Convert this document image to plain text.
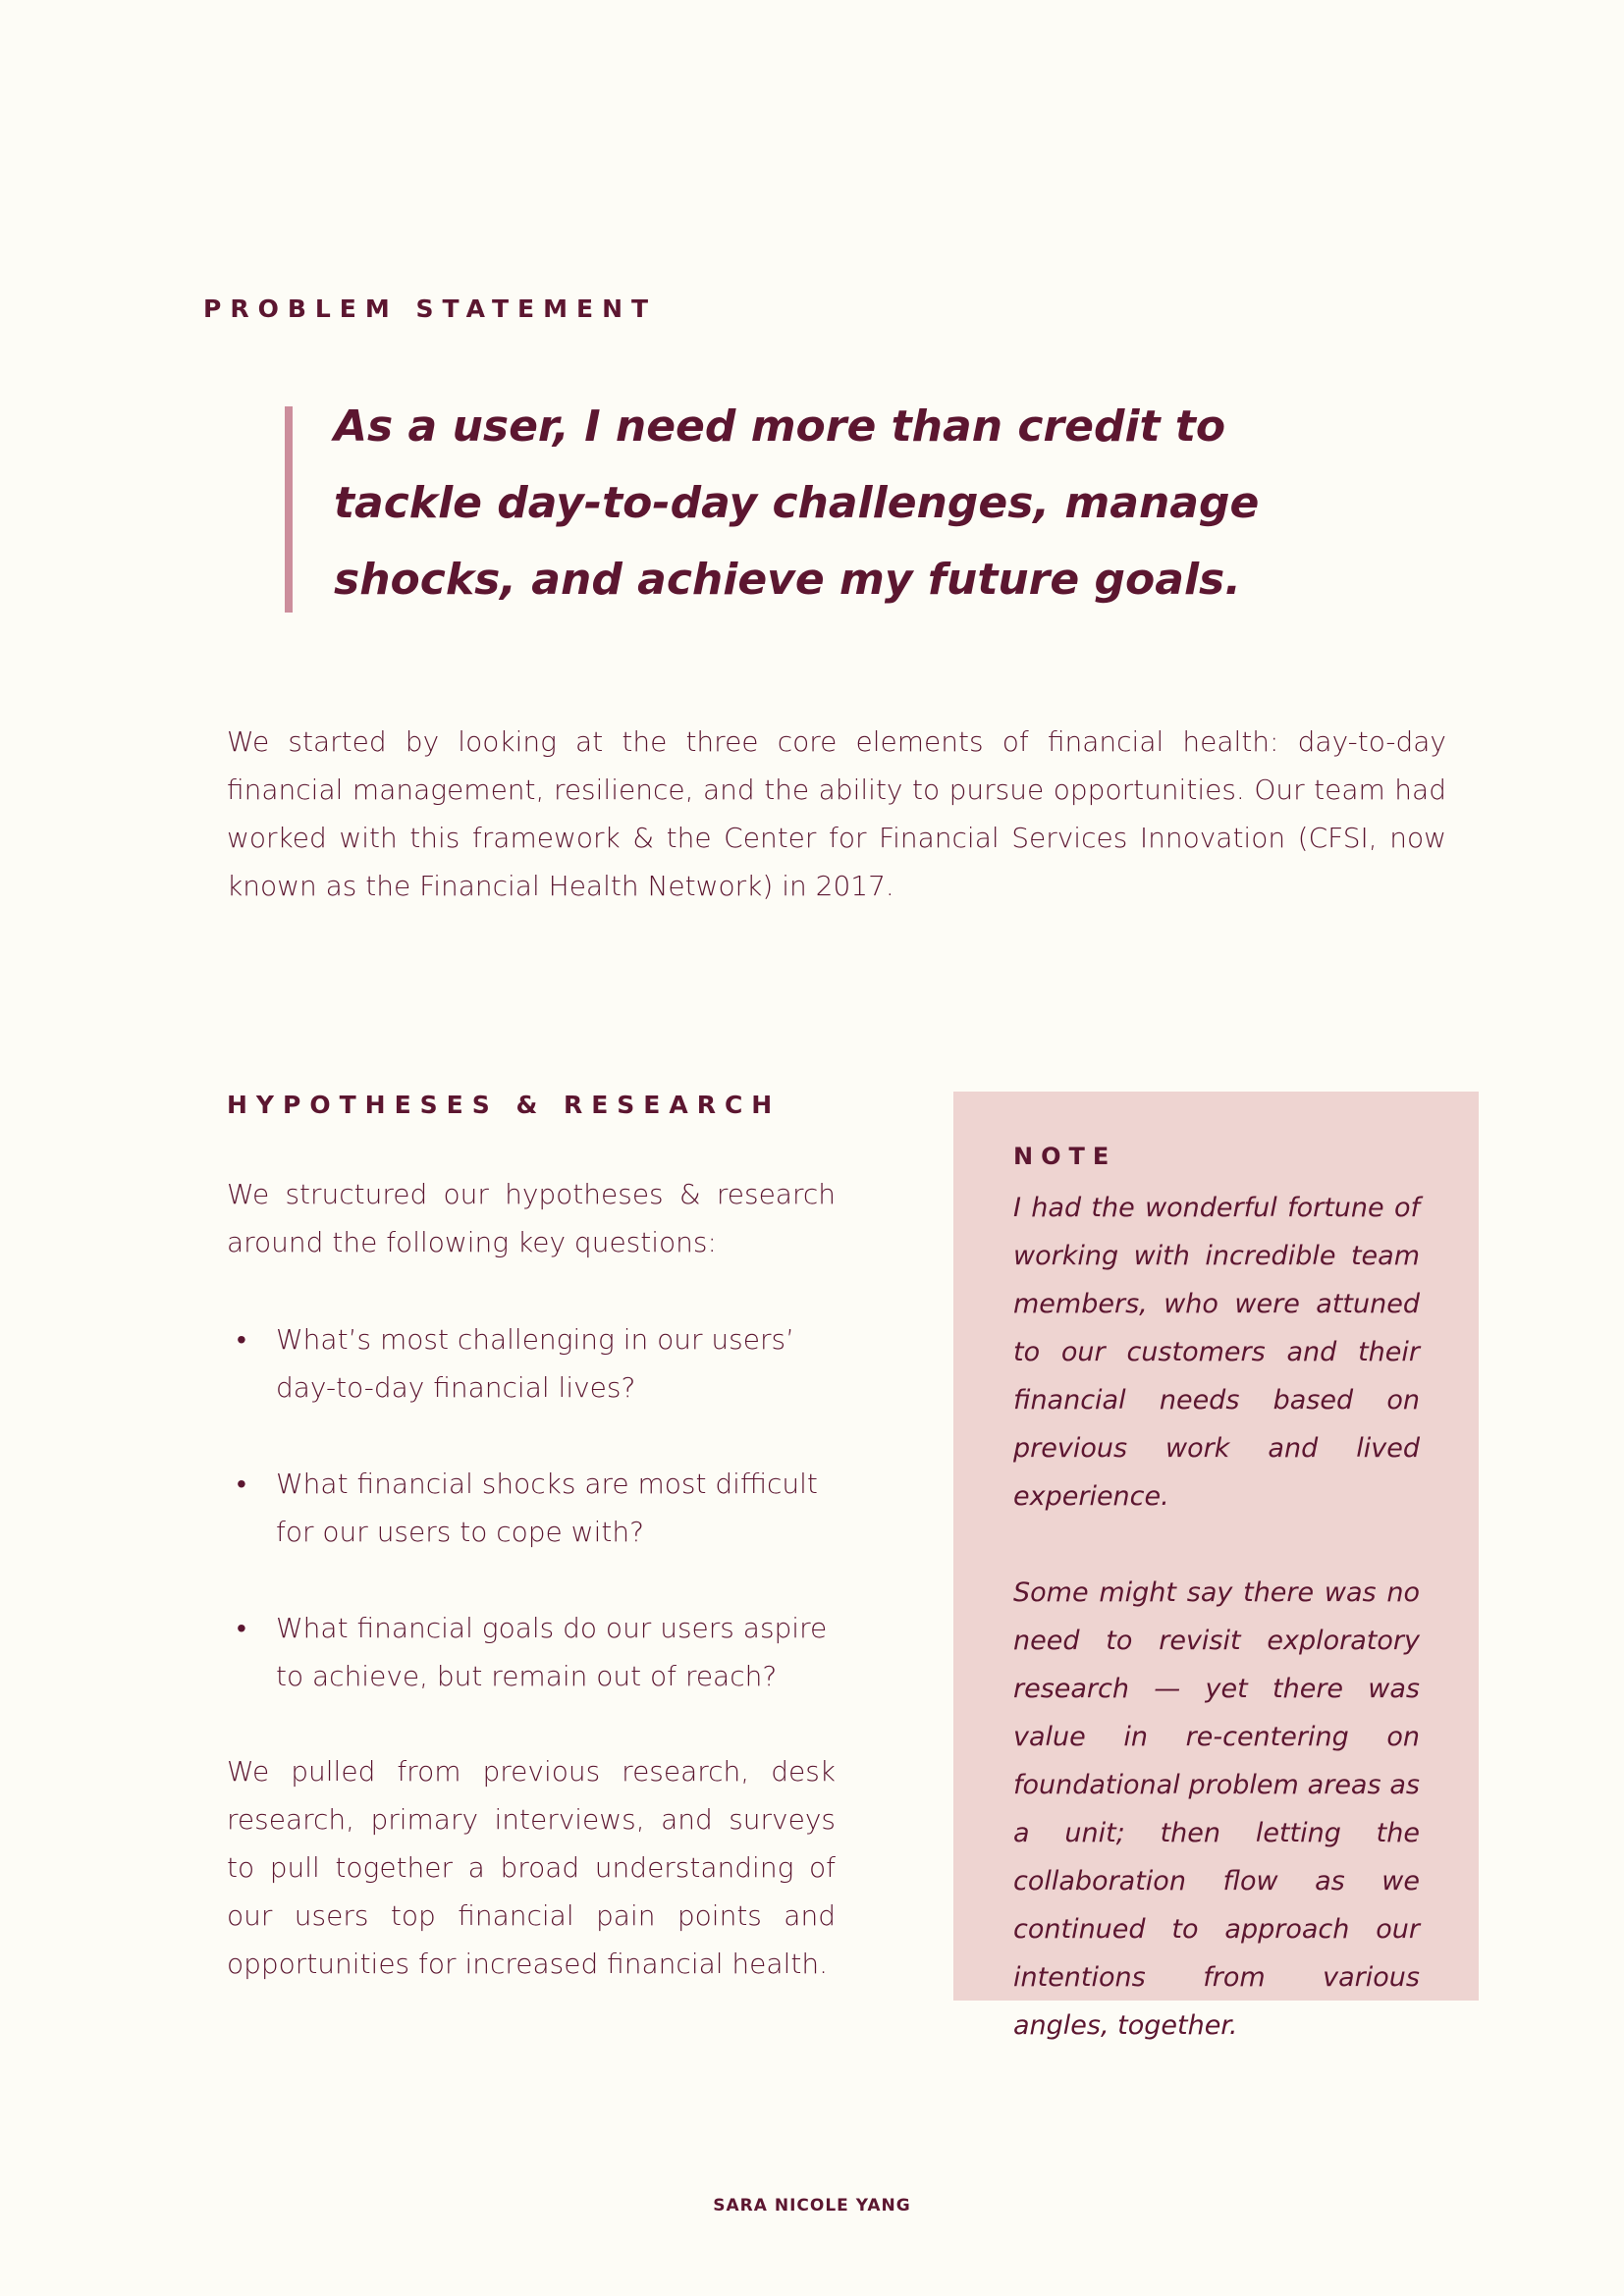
PROBLEM STATEMENT

As a user, I need more than credit to tackle day-to-day challenges, manage shocks, and achieve my future goals.

We started by looking at the three core elements of financial health: day-to-day financial management, resilience, and the ability to pursue opportunities. Our team had worked with this framework & the Center for Financial Services Innovation (CFSI, now known as the Financial Health Network) in 2017.

HYPOTHESES & RESEARCH

We structured our hypotheses & research around the following key questions:

• What’s most challenging in our users’ day-to-day financial lives?
• What financial shocks are most difficult for our users to cope with?
• What financial goals do our users aspire to achieve, but remain out of reach?

We pulled from previous research, desk research, primary interviews, and surveys to pull together a broad understanding of our users top financial pain points and opportunities for increased financial health.

NOTE

I had the wonderful fortune of working with incredible team members, who were attuned to our customers and their financial needs based on previous work and lived experience.

Some might say there was no need to revisit exploratory research — yet there was value in re-centering on foundational problem areas as a unit; then letting the collaboration flow as we continued to approach our intentions from various angles, together.

SARA NICOLE YANG
